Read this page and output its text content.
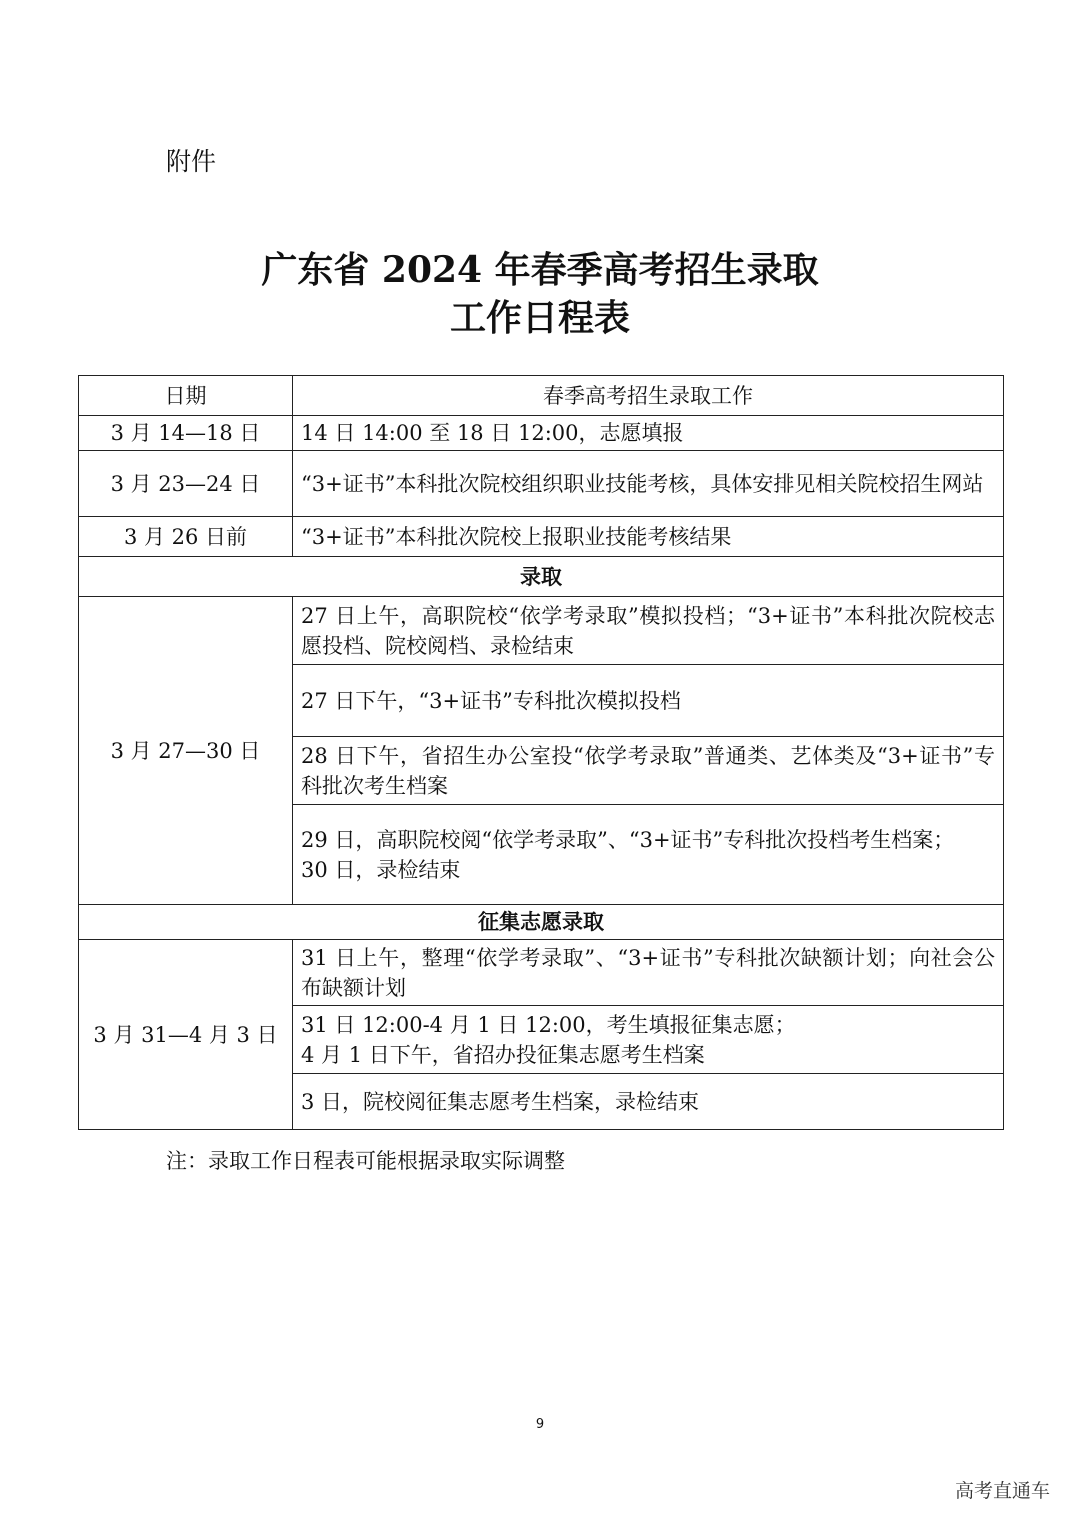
附件
广东省 2024 年春季高考招生录取
工作日程表
日期	春季高考招生录取工作
3 月 14—18 日	14 日 14:00 至 18 日 12:00，志愿填报
3 月 23—24 日	“3+证书”本科批次院校组织职业技能考核，具体安排见相关院校招生网站
3 月 26 日前	“3+证书”本科批次院校上报职业技能考核结果
录取	
3 月 27—30 日	27 日上午，高职院校“依学考录取”模拟投档；“3+证书”本科批次院校志愿投档、院校阅档、录检结束
	27 日下午，“3+证书”专科批次模拟投档
	28 日下午，省招生办公室投“依学考录取”普通类、艺体类及“3+证书”专科批次考生档案

	29 日，高职院校阅“依学考录取”、“3+证书”专科批次投档考生档案；
30 日，录检结束

征集志愿录取	
3 月 31—4 月 3 日	31 日上午，整理“依学考录取”、“3+证书”专科批次缺额计划；向社会公布缺额计划

	31 日 12:00-4 月 1 日 12:00，考生填报征集志愿；
4 月 1 日下午，省招办投征集志愿考生档案

	3 日，院校阅征集志愿考生档案，录检结束
注：录取工作日程表可能根据录取实际调整
9
高考直通车
